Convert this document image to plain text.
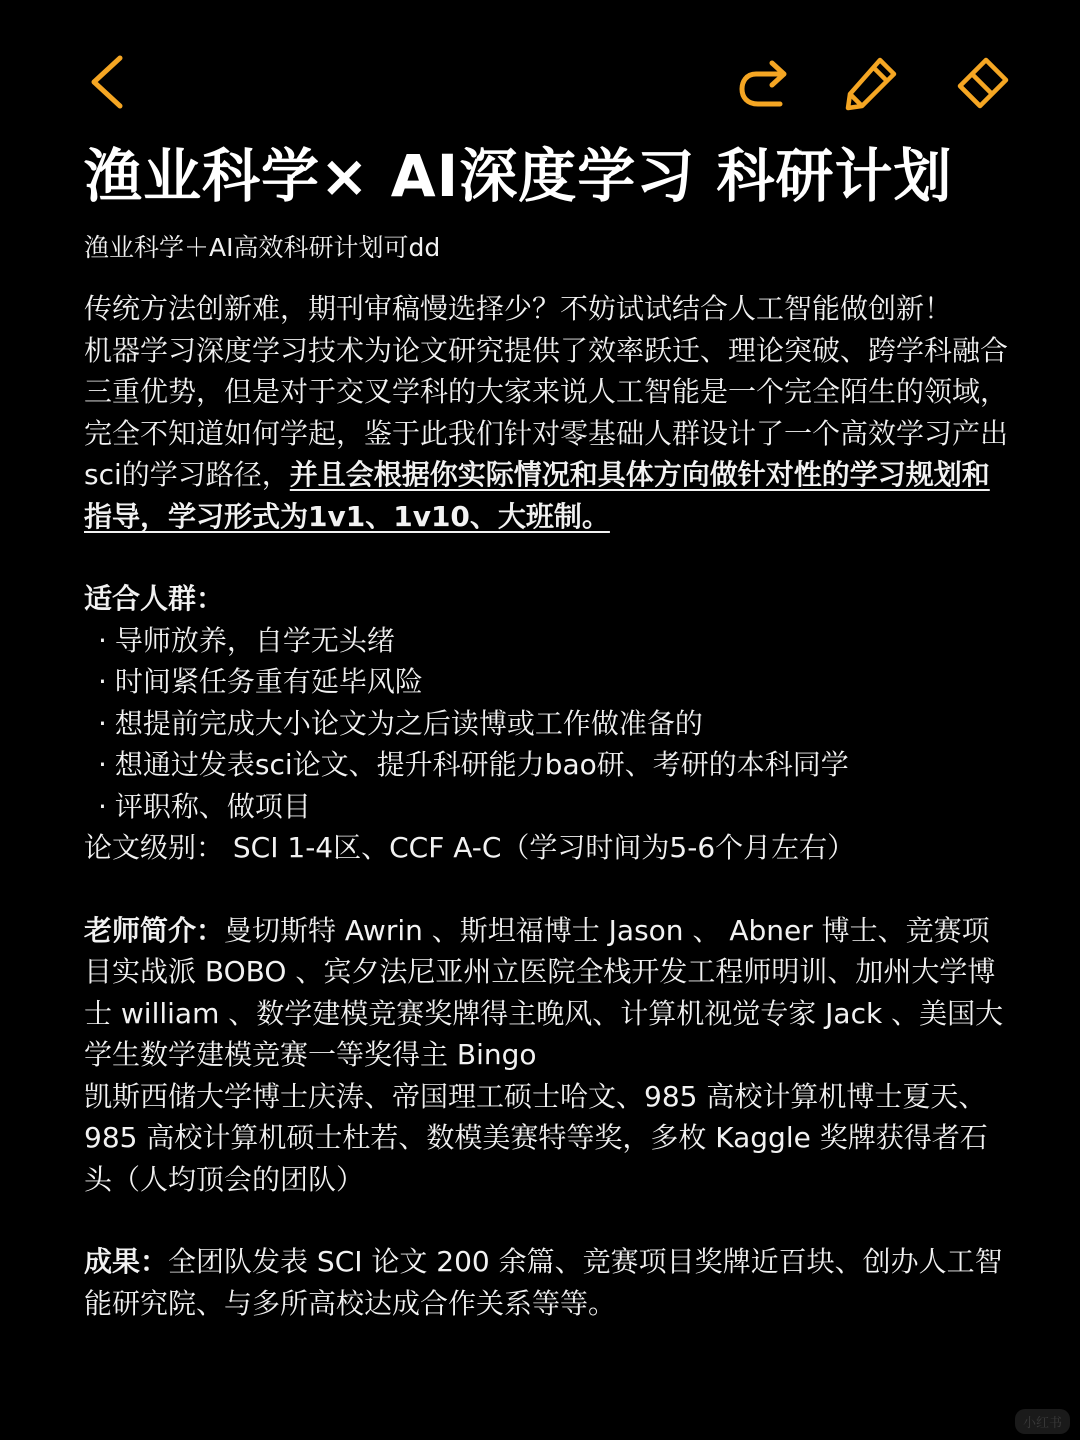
渔业科学× AI深度学习 科研计划
渔业科学＋AI高效科研计划可dd

传统方法创新难，期刊审稿慢选择少？不妨试试结合人工智能做创新！

机器学习深度学习技术为论文研究提供了效率跃迁、理论突破、跨学科融合三重优势，但是对于交叉学科的大家来说人工智能是一个完全陌生的领域，完全不知道如何学起，鉴于此我们针对零基础人群设计了一个高效学习产出sci的学习路径，并且会根据你实际情况和具体方向做针对性的学习规划和指导，学习形式为1v1、1v10、大班制。

适合人群：

· 导师放养，自学无头绪
· 时间紧任务重有延毕风险
· 想提前完成大小论文为之后读博或工作做准备的
· 想通过发表sci论文、提升科研能力bao研、考研的本科同学
· 评职称、做项目

论文级别： SCI 1-4区、CCF A-C（学习时间为5-6个月左右）

老师简介：曼切斯特 Awrin 、斯坦福博士 Jason 、 Abner 博士、竞赛项目实战派 BOBO 、宾夕法尼亚州立医院全栈开发工程师明训、加州大学博士 william 、数学建模竞赛奖牌得主晚风、计算机视觉专家 Jack 、美国大学生数学建模竞赛一等奖得主 Bingo

凯斯西储大学博士庆涛、帝国理工硕士哈文、985 高校计算机博士夏天、985 高校计算机硕士杜若、数模美赛特等奖，多枚 Kaggle 奖牌获得者石头（人均顶会的团队）

成果：全团队发表 SCI 论文 200 余篇、竞赛项目奖牌近百块、创办人工智能研究院、与多所高校达成合作关系等等。

小红书
